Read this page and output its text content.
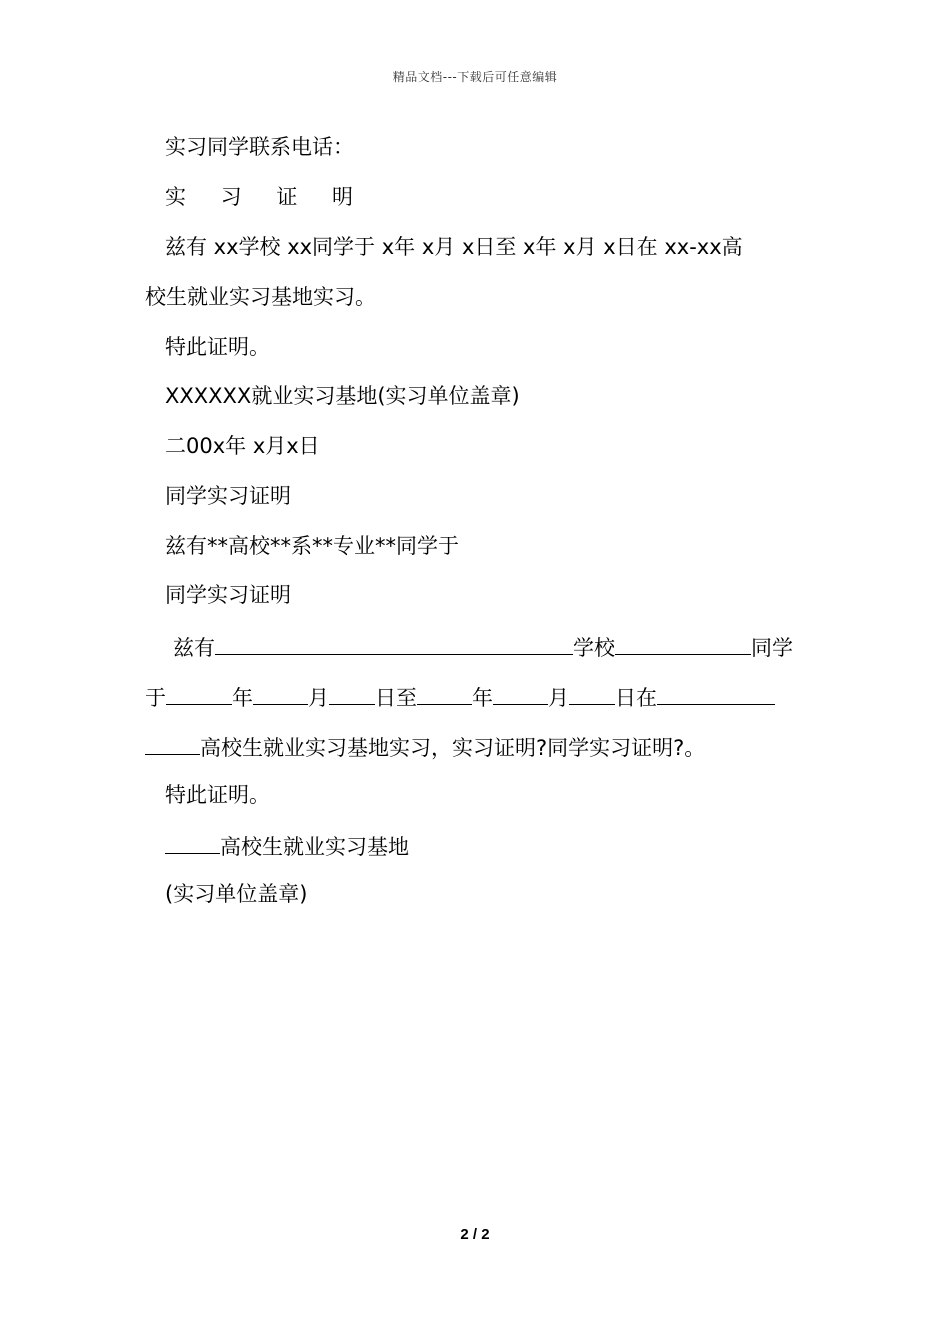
精品文档---下载后可任意编辑
实习同学联系电话：
实 习 证 明
兹有 xx学校 xx同学于 x年 x月 x日至 x年 x月 x日在 xx-xx高
校生就业实习基地实习。
特此证明。
XXXXXX就业实习基地(实习单位盖章)
二00x年 x月x日
同学实习证明
兹有**高校**系**专业**同学于
同学实习证明
兹有	学校	同学
于	年	月 日至	年	月 日在
高校生就业实习基地实习，实习证明?同学实习证明?。
特此证明。
高校生就业实习基地
(实习单位盖章)
2 / 2
